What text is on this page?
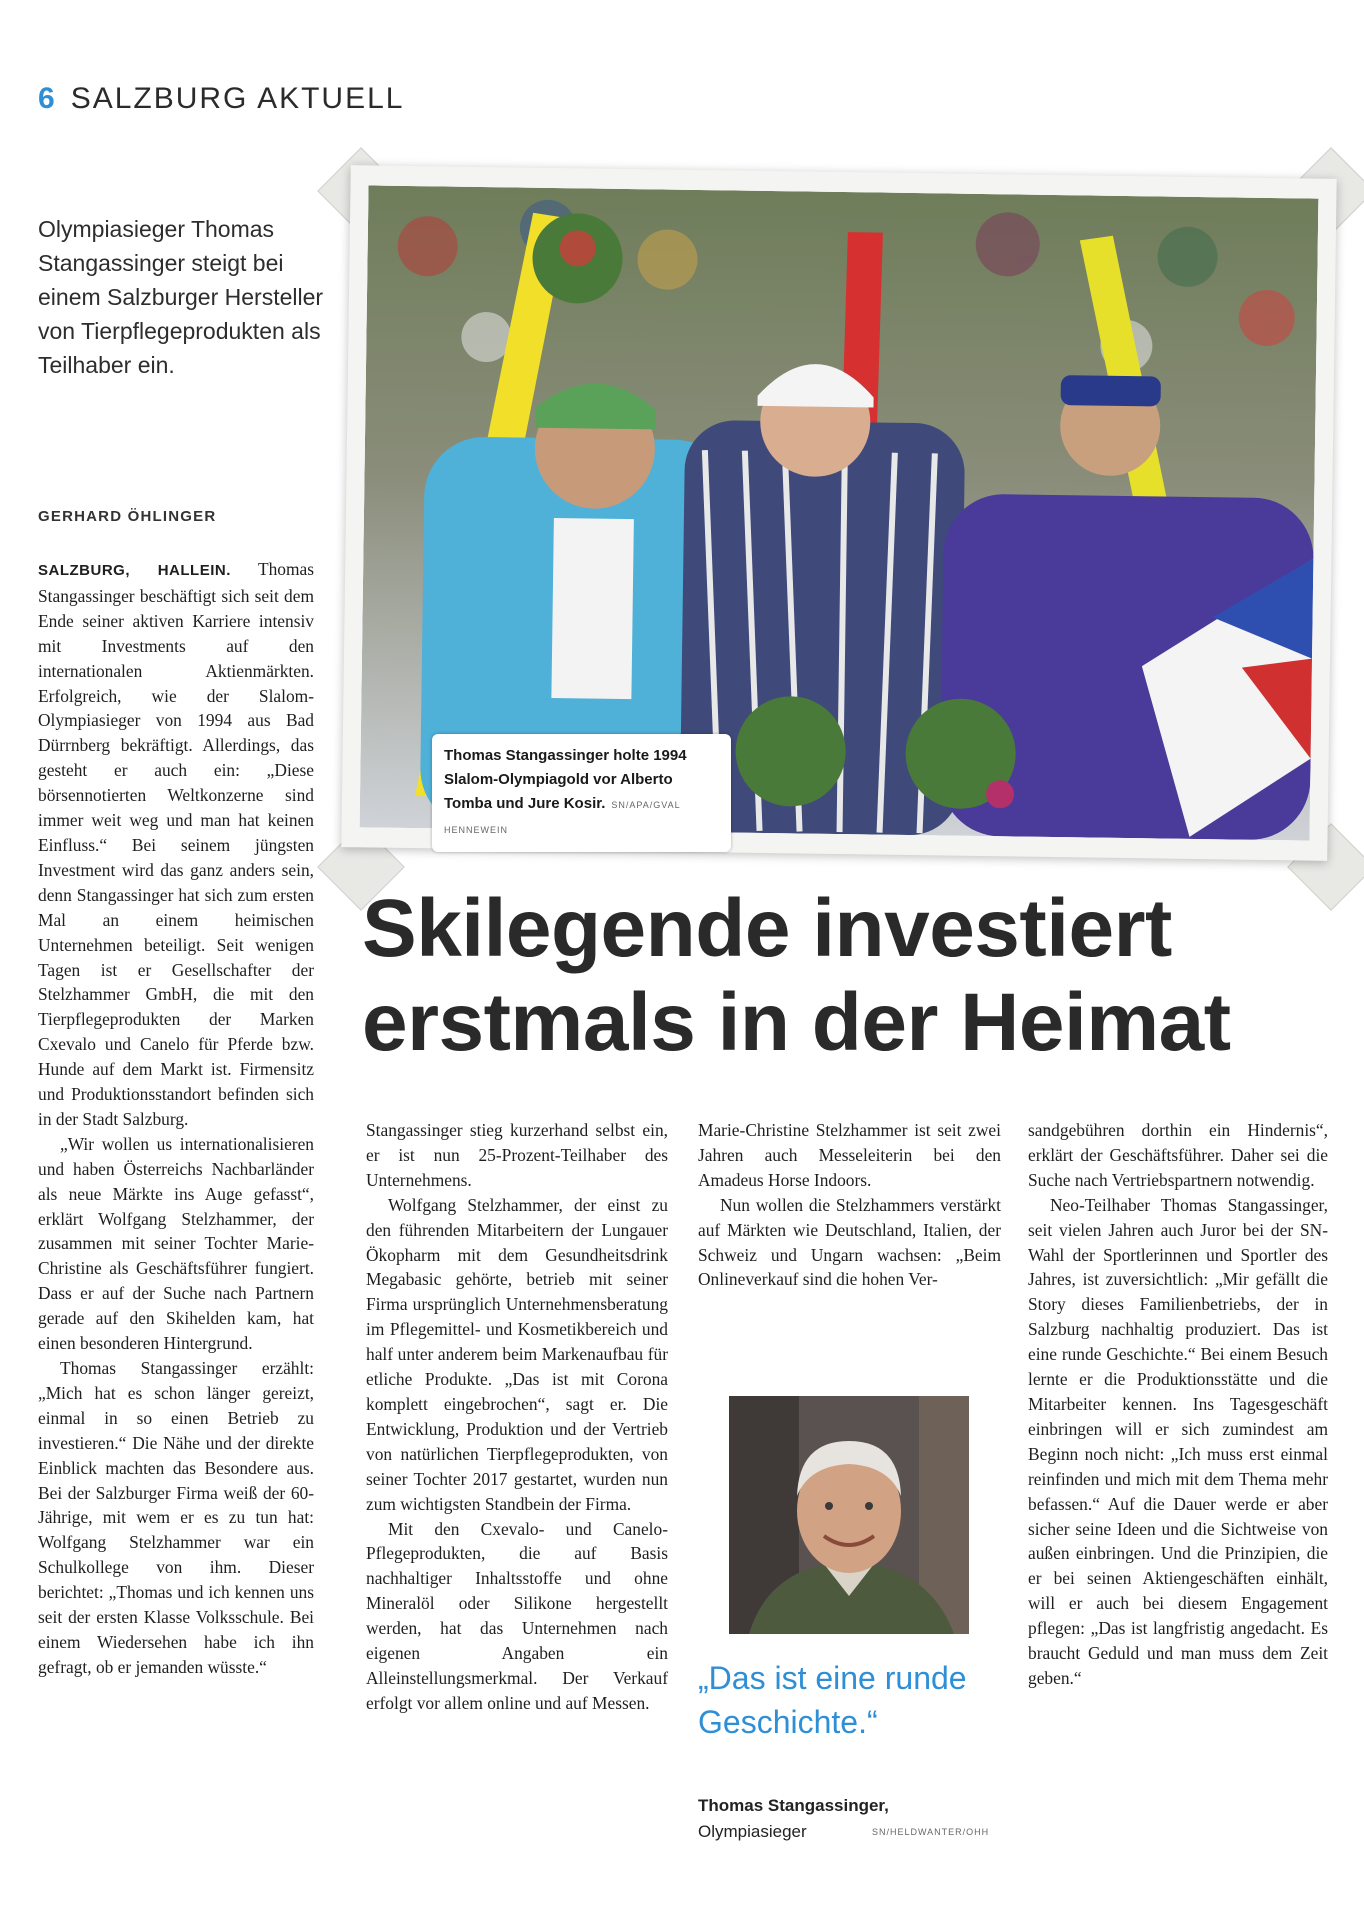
6 SALZBURG AKTUELL
Olympiasieger Thomas Stangassinger steigt bei einem Salzburger Hersteller von Tierpflegeprodukten als Teilhaber ein.
GERHARD ÖHLINGER
Thomas Stangassinger holte 1994 Slalom-Olympiagold vor Alberto Tomba und Jure Kosir. SN/APA/GVAL HENNEWEIN
Skilegende investiert
erstmals in der Heimat

SALZBURG, HALLEIN. Thomas Stangassinger beschäftigt sich seit dem Ende seiner aktiven Karriere intensiv mit Investments auf den internationalen Aktienmärkten. Erfolgreich, wie der Slalom-Olympiasieger von 1994 aus Bad Dürrnberg bekräftigt. Allerdings, das gesteht er auch ein: „Diese börsennotierten Weltkonzerne sind immer weit weg und man hat keinen Einfluss.“ Bei seinem jüngsten Investment wird das ganz anders sein, denn Stangassinger hat sich zum ersten Mal an einem heimischen Unternehmen beteiligt. Seit wenigen Tagen ist er Gesellschafter der Stelzhammer GmbH, die mit den Tierpflegeprodukten der Marken Cxevalo und Canelo für Pferde bzw. Hunde auf dem Markt ist. Firmensitz und Produktionsstandort befinden sich in der Stadt Salzburg.

„Wir wollen us internationalisieren und haben Österreichs Nachbarländer als neue Märkte ins Auge gefasst“, erklärt Wolfgang Stelzhammer, der zusammen mit seiner Tochter Marie-Christine als Geschäftsführer fungiert. Dass er auf der Suche nach Partnern gerade auf den Skihelden kam, hat einen besonderen Hintergrund.

Thomas Stangassinger erzählt: „Mich hat es schon länger gereizt, einmal in so einen Betrieb zu investieren.“ Die Nähe und der direkte Einblick machten das Besondere aus. Bei der Salzburger Firma weiß der 60-Jährige, mit wem er es zu tun hat: Wolfgang Stelzhammer war ein Schulkollege von ihm. Dieser berichtet: „Thomas und ich kennen uns seit der ersten Klasse Volksschule. Bei einem Wiedersehen habe ich ihn gefragt, ob er jemanden wüsste.“

Stangassinger stieg kurzerhand selbst ein, er ist nun 25-Prozent-Teilhaber des Unternehmens.

Wolfgang Stelzhammer, der einst zu den führenden Mitarbeitern der Lungauer Ökopharm mit dem Gesundheitsdrink Megabasic gehörte, betrieb mit seiner Firma ursprünglich Unternehmensberatung im Pflegemittel- und Kosmetikbereich und half unter anderem beim Markenaufbau für etliche Produkte. „Das ist mit Corona komplett eingebrochen“, sagt er. Die Entwicklung, Produktion und der Vertrieb von natürlichen Tierpflegeprodukten, von seiner Tochter 2017 gestartet, wurden nun zum wichtigsten Standbein der Firma.

Mit den Cxevalo- und Canelo-Pflegeprodukten, die auf Basis nachhaltiger Inhaltsstoffe und ohne Mineralöl oder Silikone hergestellt werden, hat das Unternehmen nach eigenen Angaben ein Alleinstellungsmerkmal. Der Verkauf erfolgt vor allem online und auf Messen.

Marie-Christine Stelzhammer ist seit zwei Jahren auch Messeleiterin bei den Amadeus Horse Indoors.

Nun wollen die Stelzhammers verstärkt auf Märkten wie Deutschland, Italien, der Schweiz und Ungarn wachsen: „Beim Onlineverkauf sind die hohen Ver-

„Das ist eine runde Geschichte.“
Thomas Stangassinger,
Olympiasieger	SN/HELDWANTER/OHH

sandgebühren dorthin ein Hindernis“, erklärt der Geschäftsführer. Daher sei die Suche nach Vertriebspartnern notwendig.

Neo-Teilhaber Thomas Stangassinger, seit vielen Jahren auch Juror bei der SN-Wahl der Sportlerinnen und Sportler des Jahres, ist zuversichtlich: „Mir gefällt die Story dieses Familienbetriebs, der in Salzburg nachhaltig produziert. Das ist eine runde Geschichte.“ Bei einem Besuch lernte er die Produktionsstätte und die Mitarbeiter kennen. Ins Tagesgeschäft einbringen will er sich zumindest am Beginn noch nicht: „Ich muss erst einmal reinfinden und mich mit dem Thema mehr befassen.“ Auf die Dauer werde er aber sicher seine Ideen und die Sichtweise von außen einbringen. Und die Prinzipien, die er bei seinen Aktiengeschäften einhält, will er auch bei diesem Engagement pflegen: „Das ist langfristig angedacht. Es braucht Geduld und man muss dem Zeit geben.“
